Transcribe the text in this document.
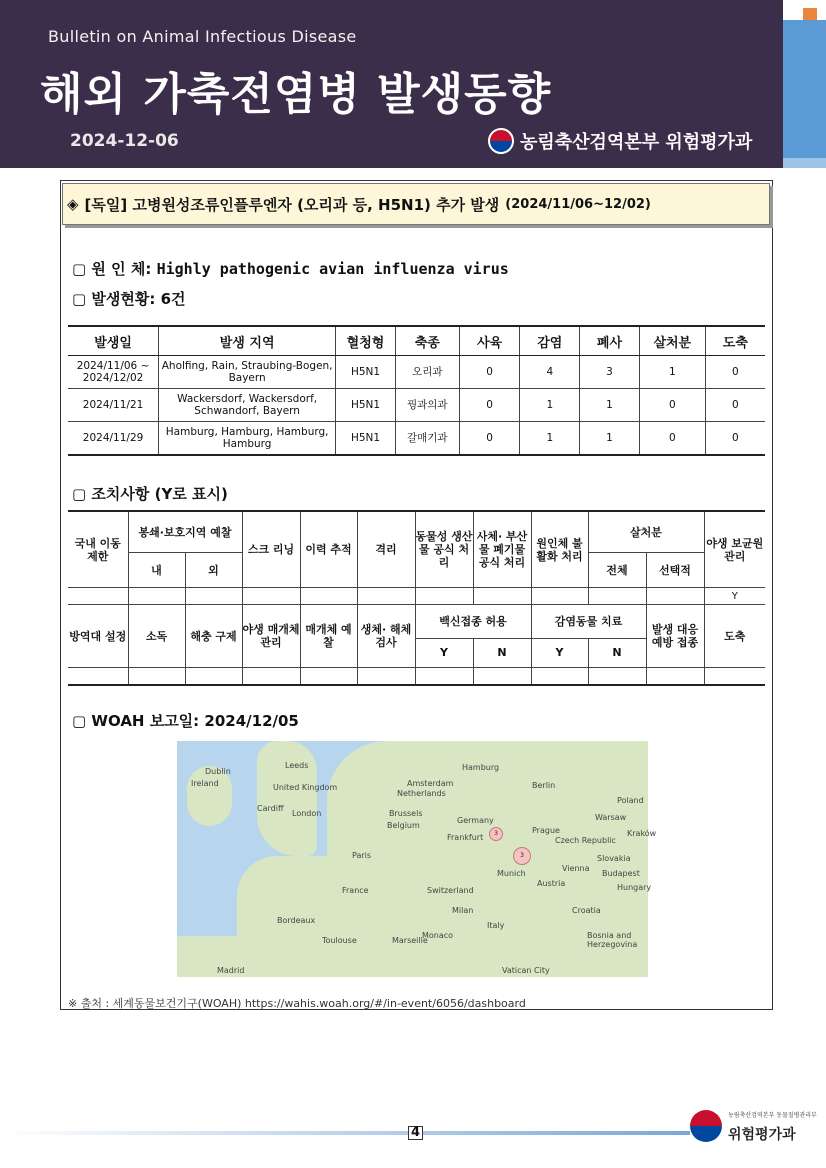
Bulletin on Animal Infectious Disease
해외 가축전염병 발생동향
2024-12-06	농림축산검역본부 위험평가과
◈ [독일] 고병원성조류인플루엔자 (오리과 등, H5N1) 추가 발생 (2024/11/06~12/02)
▢ 원 인 체: Highly pathogenic avian influenza virus
▢ 발생현황: 6건
발생일	발생 지역	혈청형	축종	사육	감염	폐사	살처분	도축
2024/11/06 ~ 2024/12/02	Aholfing, Rain, Straubing-Bogen, Bayern	H5N1	오리과	0	4	3	1	0
2024/11/21	Wackersdorf, Wackersdorf, Schwandorf, Bayern	H5N1	꿩과의과	0	1	1	0	0
2024/11/29	Hamburg, Hamburg, Hamburg, Hamburg	H5N1	갈매기과	0	1	1	0	0
▢ 조치사항 (Y로 표시)
국내 이동 제한	봉쇄·보호지역 예찰		스크 리닝	이력 추적	격리	동물성 생산물 공식 처리	사체· 부산물 폐기물 공식 처리	원인체 불활화 처리	살처분		야생 보균원 관리
	내	외							전체	선택적	
											Y
방역대 설정	소독	해충 구제	야생 매개체 관리	매개체 예찰	생체· 해체 검사	백신접종 허용		감염동물 치료		발생 대응 예방 접종	도축
						Y	N	Y	N		

▢ WOAH 보고일: 2024/12/05
Ireland
Dublin
United Kingdom
London
Cardiff
Leeds	Hamburg
Berlin
Germany
Poland
Warsaw
Prague
Czech Republic
Vienna
Austria	Hungary
Budapest
Paris
France	Switzerland
Italy
Munich
Frankfurt
Belgium
Netherlands
Amsterdam
Brussels
Milan	Croatia
Bosnia and Herzegovina
Toulouse
Bordeaux
Madrid
Marseille
Monaco
Vatican City
Slovakia
Kraków
3
3
※ 출처 : 세계동물보건기구(WOAH) https://wahis.woah.org/#/in-event/6056/dashboard
4
농림축산검역본부 동물질병관리부
위험평가과
